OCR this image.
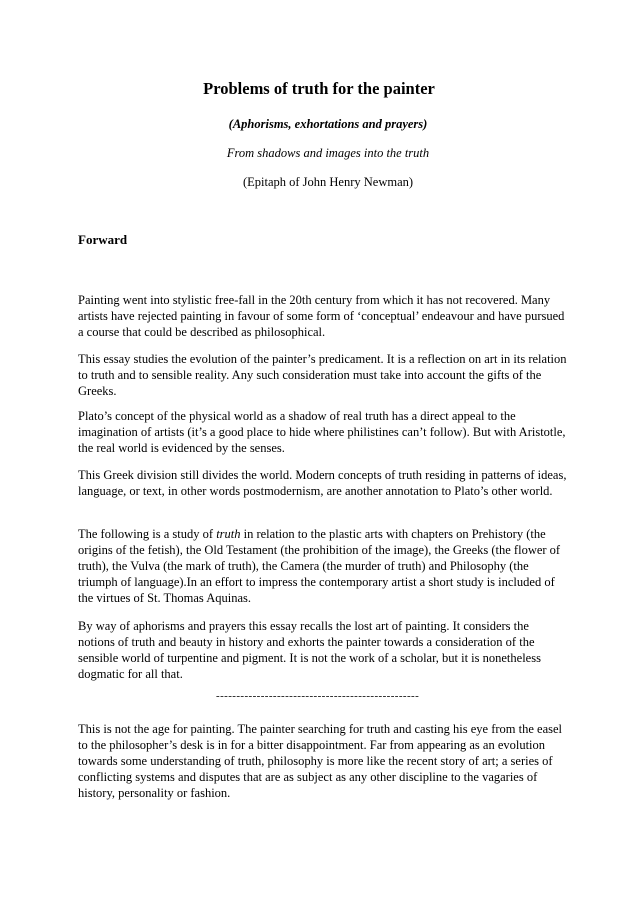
Problems of truth for the painter
(Aphorisms, exhortations and prayers)
From shadows and images into the truth
(Epitaph of John Henry Newman)
Forward

Painting went into stylistic free-fall in the 20th century from which it has not recovered. Many artists have rejected painting in favour of some form of ‘conceptual’ endeavour and have pursued a course that could be described as philosophical.

This essay studies the evolution of the painter’s predicament. It is a reflection on art in its relation to truth and to sensible reality. Any such consideration must take into account the gifts of the Greeks.

Plato’s concept of the physical world as a shadow of real truth has a direct appeal to the imagination of artists (it’s a good place to hide where philistines can’t follow). But with Aristotle, the real world is evidenced by the senses.

This Greek division still divides the world. Modern concepts of truth residing in patterns of ideas, language, or text, in other words postmodernism, are another annotation to Plato’s other world.

The following is a study of truth in relation to the plastic arts with chapters on Prehistory (the origins of the fetish), the Old Testament (the prohibition of the image), the Greeks (the flower of truth), the Vulva (the mark of truth), the Camera (the murder of truth) and Philosophy (the triumph of language).In an effort to impress the contemporary artist a short study is included of the virtues of St. Thomas Aquinas.

By way of aphorisms and prayers this essay recalls the lost art of painting. It considers the notions of truth and beauty in history and exhorts the painter towards a consideration of the sensible world of turpentine and pigment. It is not the work of a scholar, but it is nonetheless dogmatic for all that.

--------------------------------------------------

This is not the age for painting. The painter searching for truth and casting his eye from the easel to the philosopher’s desk is in for a bitter disappointment. Far from appearing as an evolution towards some understanding of truth, philosophy is more like the recent story of art; a series of conflicting systems and disputes that are as subject as any other discipline to the vagaries of history, personality or fashion.
